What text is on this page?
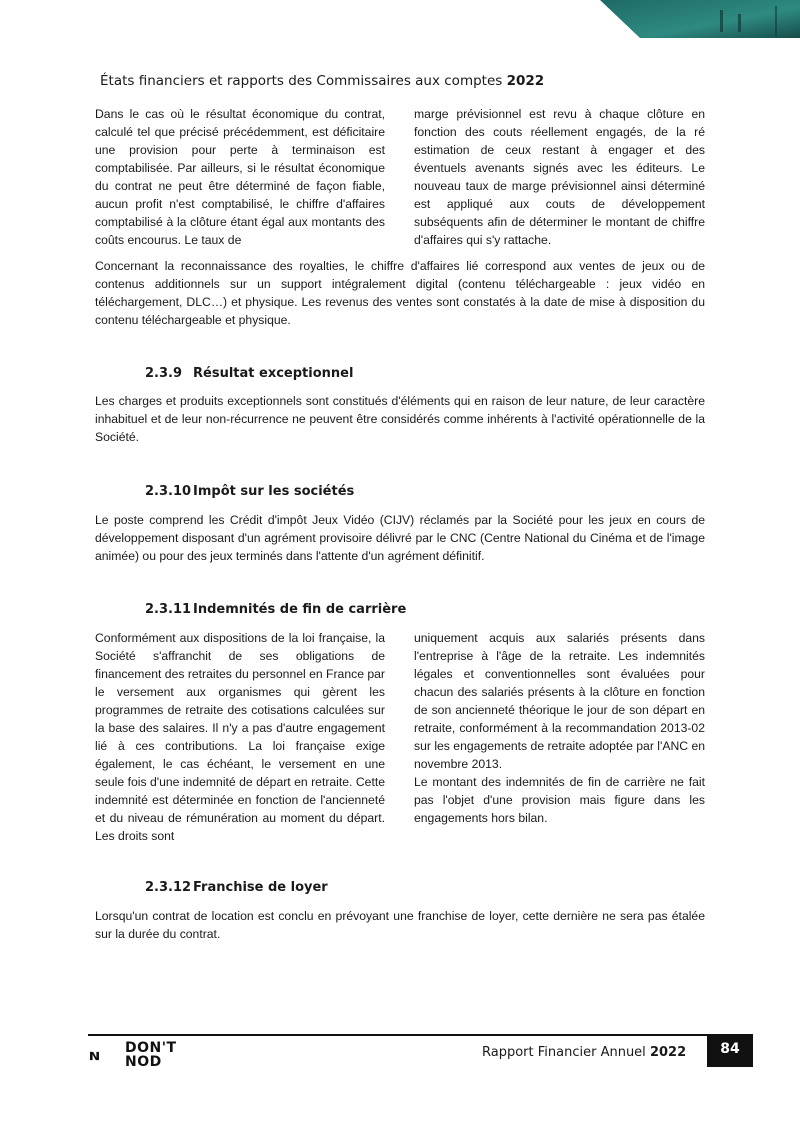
États financiers et rapports des Commissaires aux comptes 2022

Dans le cas où le résultat économique du contrat, calculé tel que précisé précédemment, est déficitaire une provision pour perte à terminaison est comptabilisée. Par ailleurs, si le résultat économique du contrat ne peut être déterminé de façon fiable, aucun profit n'est comptabilisé, le chiffre d'affaires comptabilisé à la clôture étant égal aux montants des coûts encourus. Le taux de

marge prévisionnel est revu à chaque clôture en fonction des couts réellement engagés, de la ré estimation de ceux restant à engager et des éventuels avenants signés avec les éditeurs. Le nouveau taux de marge prévisionnel ainsi déterminé est appliqué aux couts de développement subséquents afin de déterminer le montant de chiffre d'affaires qui s'y rattache.

Concernant la reconnaissance des royalties, le chiffre d'affaires lié correspond aux ventes de jeux ou de contenus additionnels sur un support intégralement digital (contenu téléchargeable : jeux vidéo en téléchargement, DLC…) et physique. Les revenus des ventes sont constatés à la date de mise à disposition du contenu téléchargeable et physique.

2.3.9 Résultat exceptionnel

Les charges et produits exceptionnels sont constitués d'éléments qui en raison de leur nature, de leur caractère inhabituel et de leur non-récurrence ne peuvent être considérés comme inhérents à l'activité opérationnelle de la Société.

2.3.10 Impôt sur les sociétés

Le poste comprend les Crédit d'impôt Jeux Vidéo (CIJV) réclamés par la Société pour les jeux en cours de développement disposant d'un agrément provisoire délivré par le CNC (Centre National du Cinéma et de l'image animée) ou pour des jeux terminés dans l'attente d'un agrément définitif.

2.3.11 Indemnités de fin de carrière

Conformément aux dispositions de la loi française, la Société s'affranchit de ses obligations de financement des retraites du personnel en France par le versement aux organismes qui gèrent les programmes de retraite des cotisations calculées sur la base des salaires. Il n'y a pas d'autre engagement lié à ces contributions. La loi française exige également, le cas échéant, le versement en une seule fois d'une indemnité de départ en retraite. Cette indemnité est déterminée en fonction de l'ancienneté et du niveau de rémunération au moment du départ. Les droits sont

uniquement acquis aux salariés présents dans l'entreprise à l'âge de la retraite. Les indemnités légales et conventionnelles sont évaluées pour chacun des salariés présents à la clôture en fonction de son ancienneté théorique le jour de son départ en retraite, conformément à la recommandation 2013-02 sur les engagements de retraite adoptée par l'ANC en novembre 2013.

Le montant des indemnités de fin de carrière ne fait pas l'objet d'une provision mais figure dans les engagements hors bilan.

2.3.12 Franchise de loyer

Lorsqu'un contrat de location est conclu en prévoyant une franchise de loyer, cette dernière ne sera pas étalée sur la durée du contrat.

DON'T
NOD
Rapport Financier Annuel 2022	84
